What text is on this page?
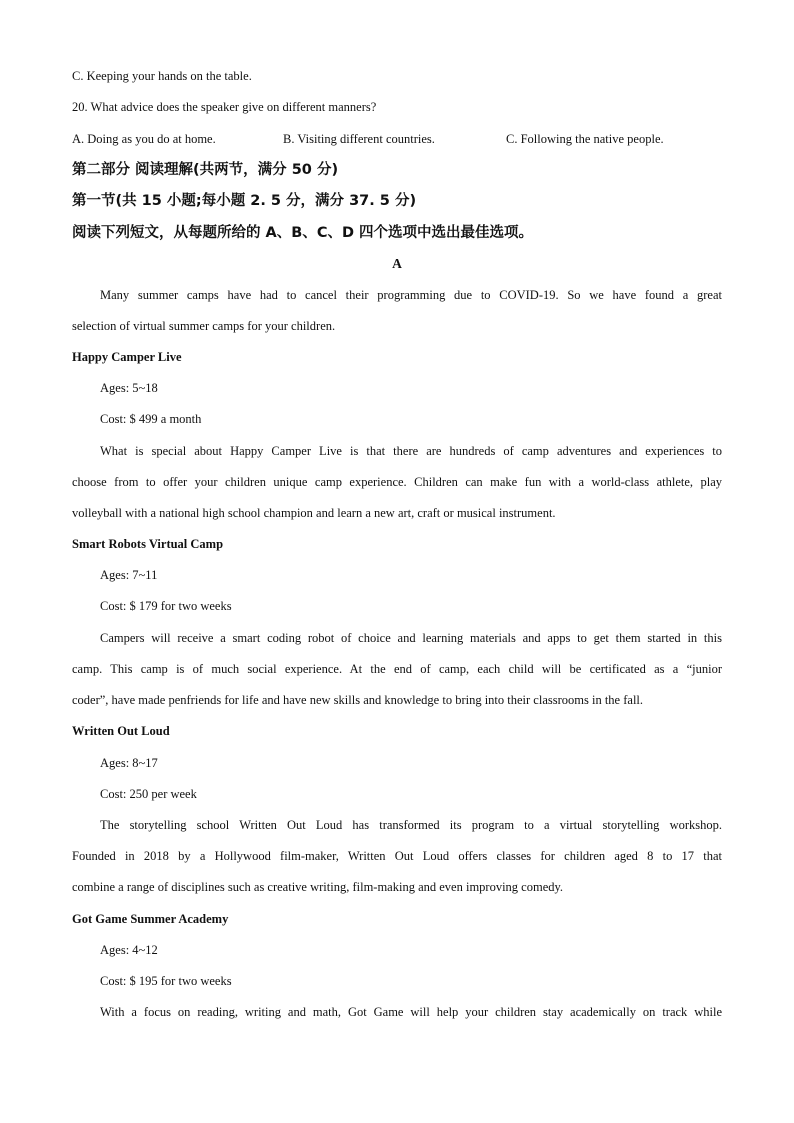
C. Keeping your hands on the table.
20. What advice does the speaker give on different manners?
A. Doing as you do at home.	B. Visiting different countries.	C. Following the native people.
第二部分 阅读理解(共两节，满分 50 分)
第一节(共 15 小题;每小题 2. 5 分，满分 37. 5 分)
阅读下列短文，从每题所给的 A、B、C、D 四个选项中选出最佳选项。
A
Many summer camps have had to cancel their programming due to COVID-19. So we have found a great
selection of virtual summer camps for your children.
Happy Camper Live
Ages: 5~18
Cost: $ 499 a month
What is special about Happy Camper Live is that there are hundreds of camp adventures and experiences to
choose from to offer your children unique camp experience. Children can make fun with a world-class athlete, play
volleyball with a national high school champion and learn a new art, craft or musical instrument.
Smart Robots Virtual Camp
Ages: 7~11
Cost: $ 179 for two weeks
Campers will receive a smart coding robot of choice and learning materials and apps to get them started in this
camp. This camp is of much social experience. At the end of camp, each child will be certificated as a “junior
coder”, have made penfriends for life and have new skills and knowledge to bring into their classrooms in the fall.
Written Out Loud
Ages: 8~17
Cost: 250 per week
The storytelling school Written Out Loud has transformed its program to a virtual storytelling workshop.
Founded in 2018 by a Hollywood film-maker, Written Out Loud offers classes for children aged 8 to 17 that
combine a range of disciplines such as creative writing, film-making and even improving comedy.
Got Game Summer Academy
Ages: 4~12
Cost: $ 195 for two weeks
With a focus on reading, writing and math, Got Game will help your children stay academically on track while
